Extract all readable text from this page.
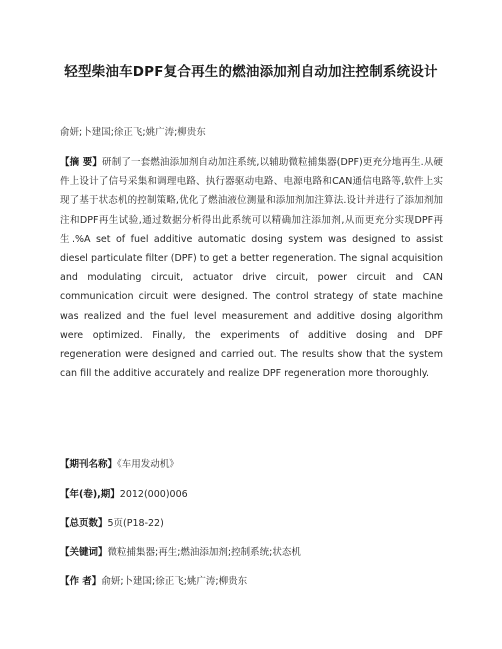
轻型柴油车DPF复合再生的燃油添加剂自动加注控制系统设计
俞妍;卜建国;徐正飞;姚广涛;柳贵东
【摘 要】研制了一套燃油添加剂自动加注系统,以辅助微粒捕集器(DPF)更充分地再生.从硬件上设计了信号采集和调理电路、执行器驱动电路、电源电路和CAN通信电路等,软件上实现了基于状态机的控制策略,优化了燃油液位测量和添加剂加注算法.设计并进行了添加剂加注和DPF再生试验,通过数据分析得出此系统可以精确加注添加剂,从而更充分实现DPF再生.%A set of fuel additive automatic dosing system was designed to assist diesel particulate filter (DPF) to get a better regeneration. The signal acquisition and modulating circuit, actuator drive circuit, power circuit and CAN communication circuit were designed. The control strategy of state machine was realized and the fuel level measurement and additive dosing algorithm were optimized. Finally, the experiments of additive dosing and DPF regeneration were designed and carried out. The results show that the system can fill the additive accurately and realize DPF regeneration more thoroughly.
【期刊名称】《车用发动机》
【年(卷),期】2012(000)006
【总页数】5页(P18-22)
【关键词】微粒捕集器;再生;燃油添加剂;控制系统;状态机
【作 者】俞妍;卜建国;徐正飞;姚广涛;柳贵东
